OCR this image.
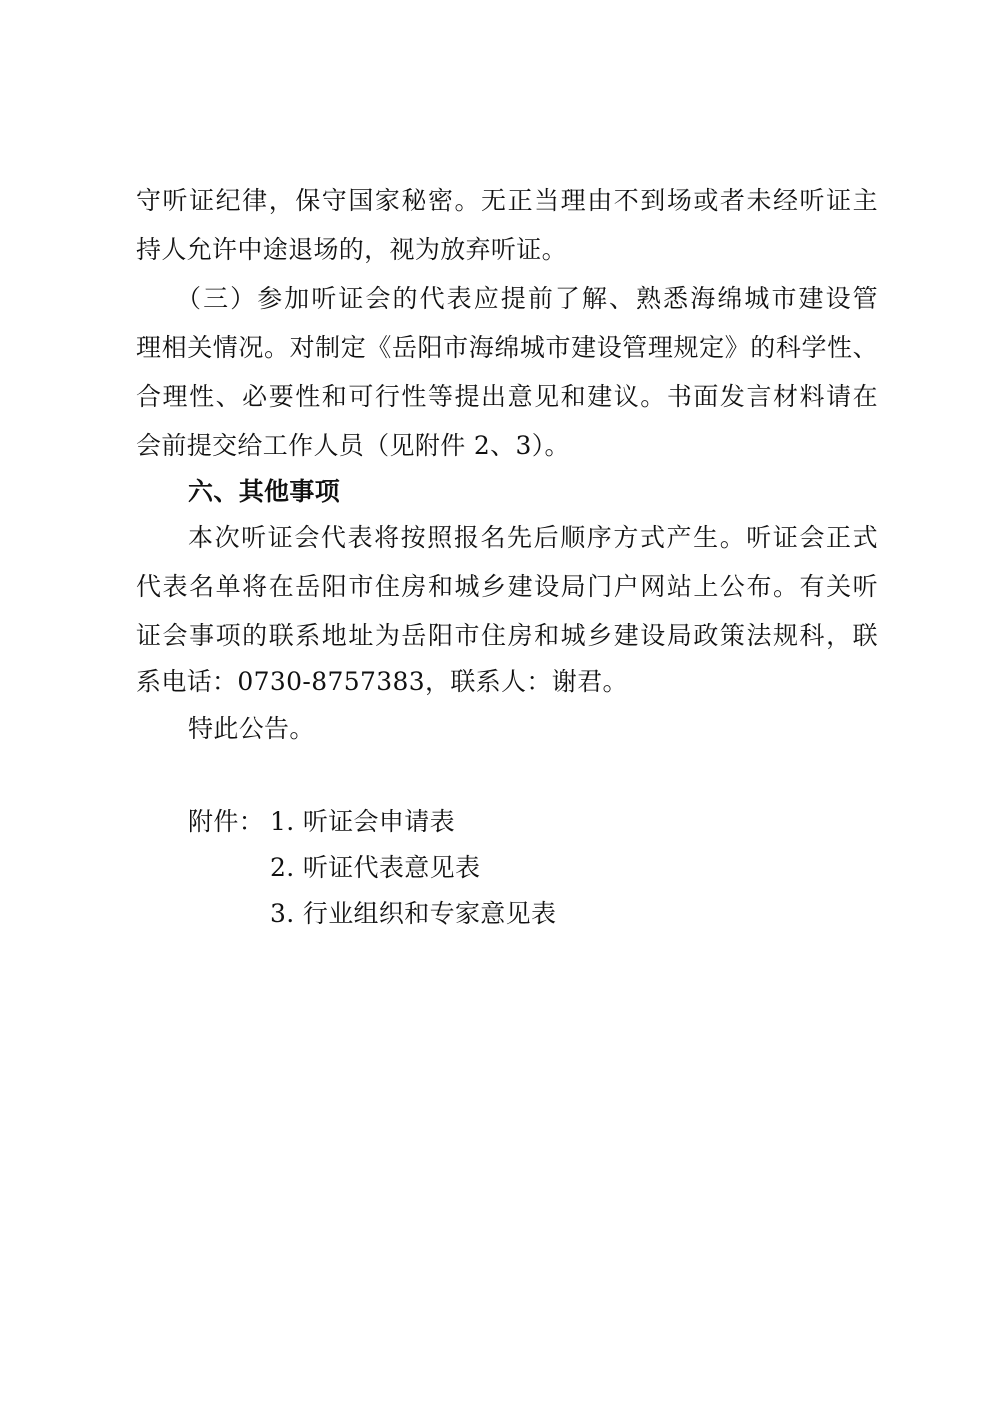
守听证纪律，保守国家秘密。无正当理由不到场或者未经听证主
持人允许中途退场的，视为放弃听证。
（三）参加听证会的代表应提前了解、熟悉海绵城市建设管
理相关情况。对制定《岳阳市海绵城市建设管理规定》的科学性、
合理性、必要性和可行性等提出意见和建议。书面发言材料请在
会前提交给工作人员（见附件 2、3）。
六、其他事项
本次听证会代表将按照报名先后顺序方式产生。听证会正式
代表名单将在岳阳市住房和城乡建设局门户网站上公布。有关听
证会事项的联系地址为岳阳市住房和城乡建设局政策法规科，联
系电话：0730-8757383，联系人：谢君。
特此公告。
附件： 1. 听证会申请表
2. 听证代表意见表
3. 行业组织和专家意见表
